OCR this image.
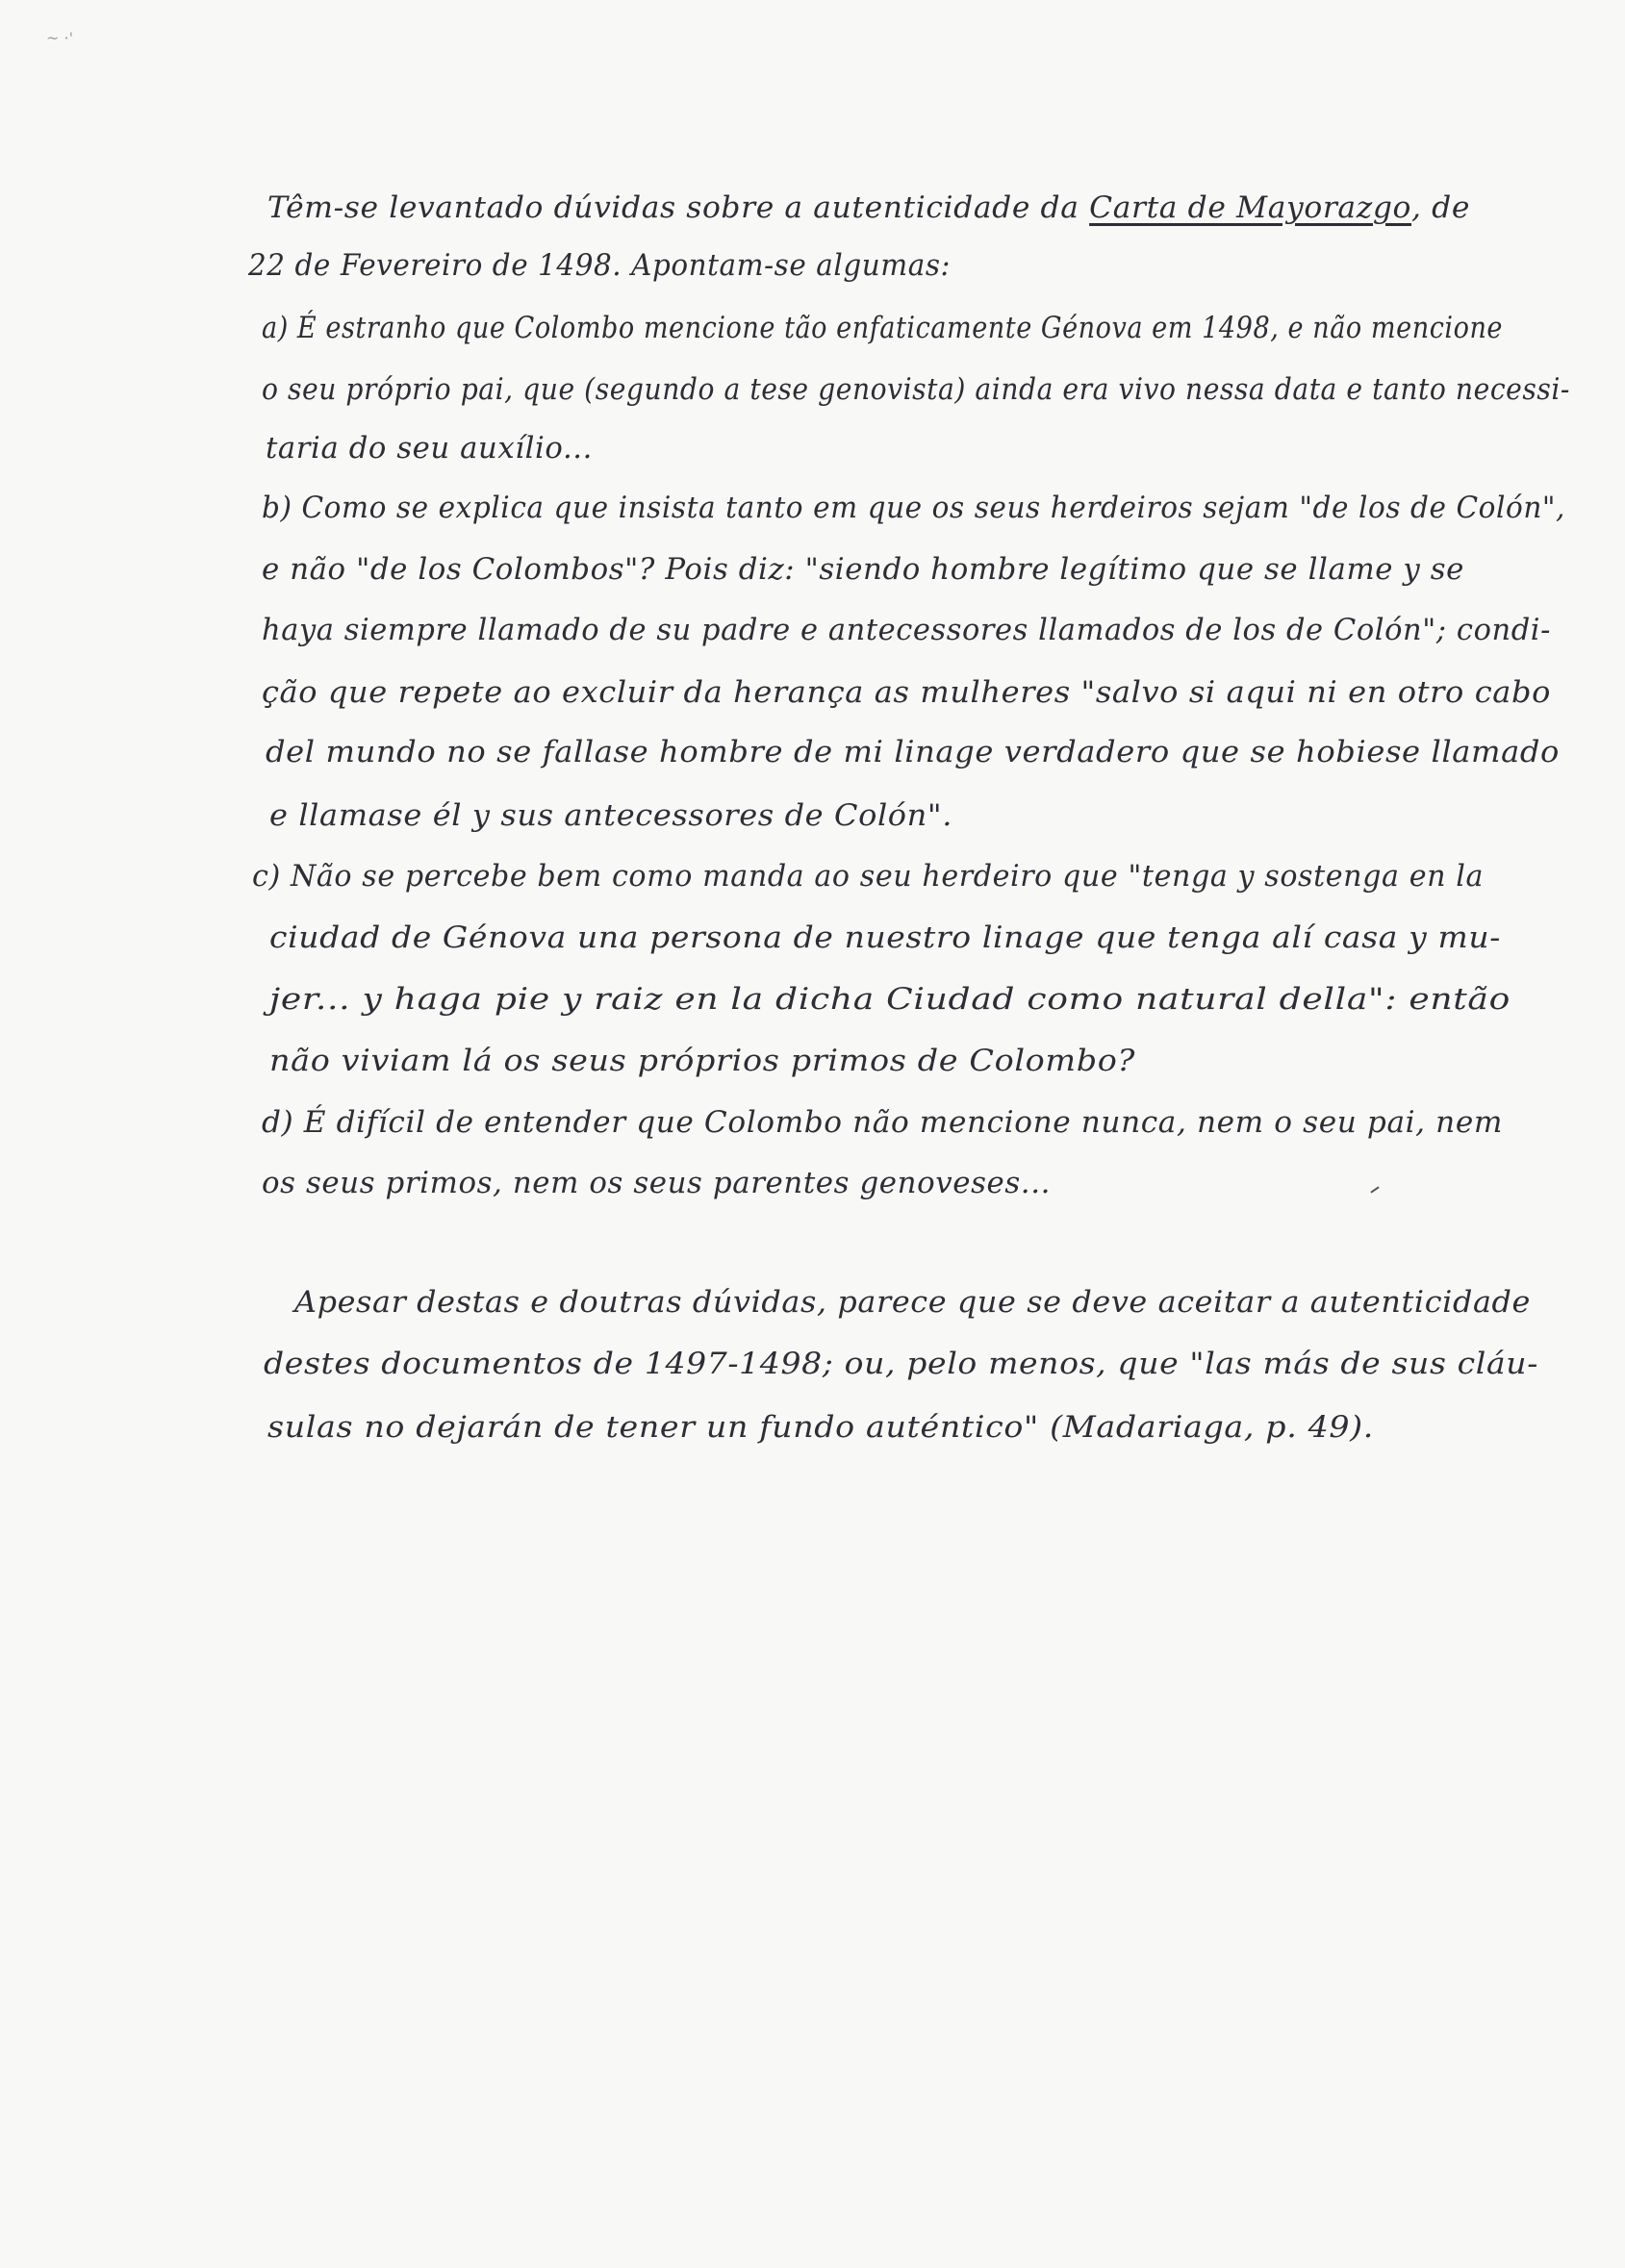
~ ·'
Têm-se levantado dúvidas sobre a autenticidade da Carta de Mayorazgo, de
22 de Fevereiro de 1498. Apontam-se algumas:
a) É estranho que Colombo mencione tão enfaticamente Génova em 1498, e não mencione
o seu próprio pai, que (segundo a tese genovista) ainda era vivo nessa data e tanto necessi-
taria do seu auxílio...
b) Como se explica que insista tanto em que os seus herdeiros sejam "de los de Colón",
e não "de los Colombos"? Pois diz: "siendo hombre legítimo que se llame y se
haya siempre llamado de su padre e antecessores llamados de los de Colón"; condi-
ção que repete ao excluir da herança as mulheres "salvo si aqui ni en otro cabo
del mundo no se fallase hombre de mi linage verdadero que se hobiese llamado
e llamase él y sus antecessores de Colón".
c) Não se percebe bem como manda ao seu herdeiro que "tenga y sostenga en la
ciudad de Génova una persona de nuestro linage que tenga alí casa y mu-
jer... y haga pie y raiz en la dicha Ciudad como natural della": então
não viviam lá os seus próprios primos de Colombo?
d) É difícil de entender que Colombo não mencione nunca, nem o seu pai, nem
os seus primos, nem os seus parentes genoveses...
Apesar destas e doutras dúvidas, parece que se deve aceitar a autenticidade
destes documentos de 1497-1498; ou, pelo menos, que "las más de sus cláu-
sulas no dejarán de tener un fundo auténtico" (Madariaga, p. 49).
